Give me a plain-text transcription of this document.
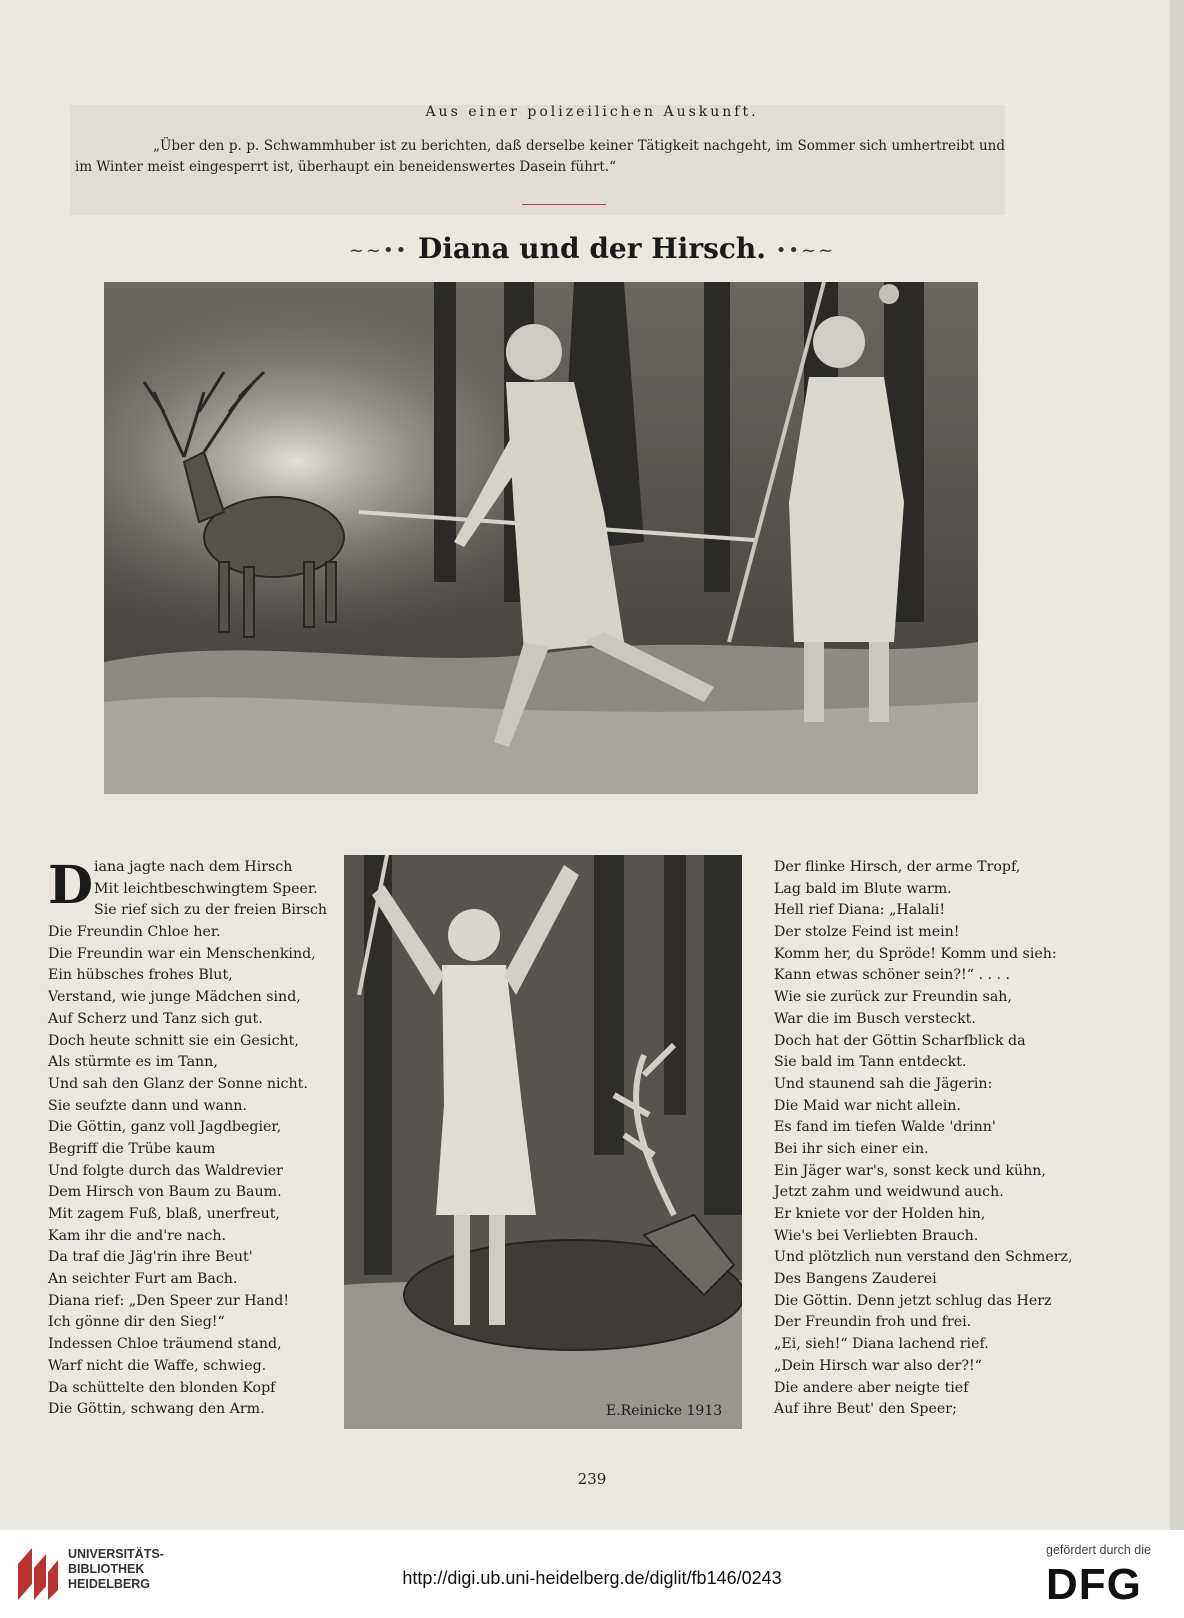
Aus einer polizeilichen Auskunft.
„Über den p. p. Schwammhuber ist zu berichten, daß derselbe keiner Tätigkeit nachgeht, im Sommer sich umhertreibt und im Winter meist eingesperrt ist, überhaupt ein beneidenswertes Dasein führt.“
~~•• Diana und der Hirsch. ••~~
E.Reinicke 1913
D iana jagte nach dem Hirsch
Mit leichtbeschwingtem Speer.
Sie rief sich zu der freien Birsch
Die Freundin Chloe her.
Die Freundin war ein Menschenkind,
Ein hübsches frohes Blut,
Verstand, wie junge Mädchen sind,
Auf Scherz und Tanz sich gut.
Doch heute schnitt sie ein Gesicht,
Als stürmte es im Tann,
Und sah den Glanz der Sonne nicht.
Sie seufzte dann und wann.
Die Göttin, ganz voll Jagdbegier,
Begriff die Trübe kaum
Und folgte durch das Waldrevier
Dem Hirsch von Baum zu Baum.
Mit zagem Fuß, blaß, unerfreut,
Kam ihr die and're nach.
Da traf die Jäg'rin ihre Beut'
An seichter Furt am Bach.
Diana rief: „Den Speer zur Hand!
Ich gönne dir den Sieg!“
Indessen Chloe träumend stand,
Warf nicht die Waffe, schwieg.
Da schüttelte den blonden Kopf
Die Göttin, schwang den Arm.
Der flinke Hirsch, der arme Tropf,
Lag bald im Blute warm.
Hell rief Diana: „Halali!
Der stolze Feind ist mein!
Komm her, du Spröde! Komm und sieh:
Kann etwas schöner sein?!“ . . . .
Wie sie zurück zur Freundin sah,
War die im Busch versteckt.
Doch hat der Göttin Scharfblick da
Sie bald im Tann entdeckt.
Und staunend sah die Jägerin:
Die Maid war nicht allein.
Es fand im tiefen Walde 'drinn'
Bei ihr sich einer ein.
Ein Jäger war's, sonst keck und kühn,
Jetzt zahm und weidwund auch.
Er kniete vor der Holden hin,
Wie's bei Verliebten Brauch.
Und plötzlich nun verstand den Schmerz,
Des Bangens Zauderei
Die Göttin. Denn jetzt schlug das Herz
Der Freundin froh und frei.
„Ei, sieh!“ Diana lachend rief.
„Dein Hirsch war also der?!“
Die andere aber neigte tief
Auf ihre Beut' den Speer;
239
UNIVERSITÄTS-
BIBLIOTHEK
HEIDELBERG	http://digi.ub.uni-heidelberg.de/diglit/fb146/0243
gefördert durch die
DFG
